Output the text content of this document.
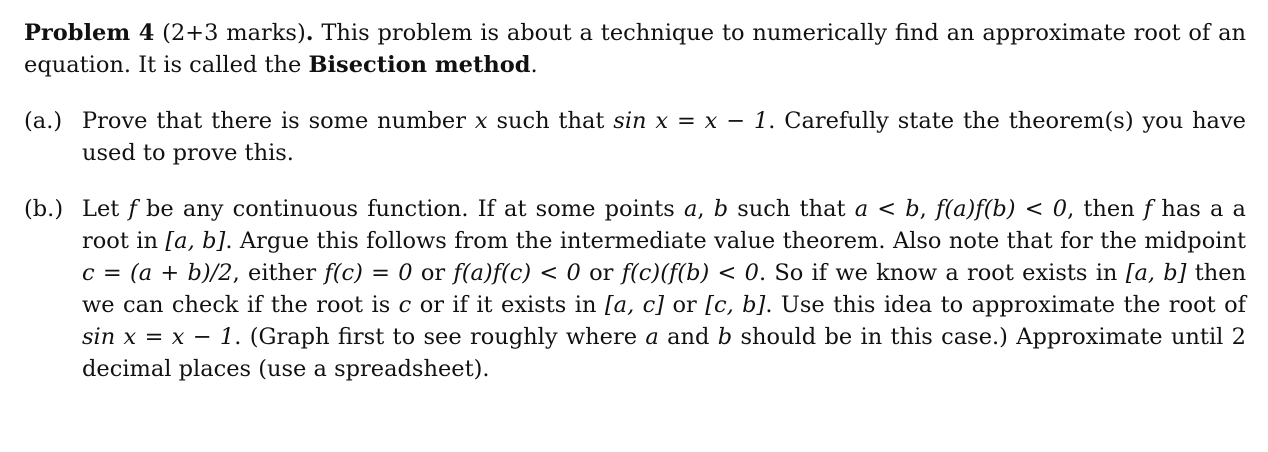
Problem 4 (2+3 marks). This problem is about a technique to numerically find an approximate root of an equation. It is called the Bisection method.

(a.) Prove that there is some number x such that sin x = x − 1. Carefully state the theorem(s) you have used to prove this.
(b.) Let f be any continuous function. If at some points a, b such that a < b, f(a)f(b) < 0, then f has a a root in [a, b]. Argue this follows from the intermediate value theorem. Also note that for the midpoint c = (a + b)/2, either f(c) = 0 or f(a)f(c) < 0 or f(c)(f(b) < 0. So if we know a root exists in [a, b] then we can check if the root is c or if it exists in [a, c] or [c, b]. Use this idea to approximate the root of sin x = x − 1. (Graph first to see roughly where a and b should be in this case.) Approximate until 2 decimal places (use a spreadsheet).
